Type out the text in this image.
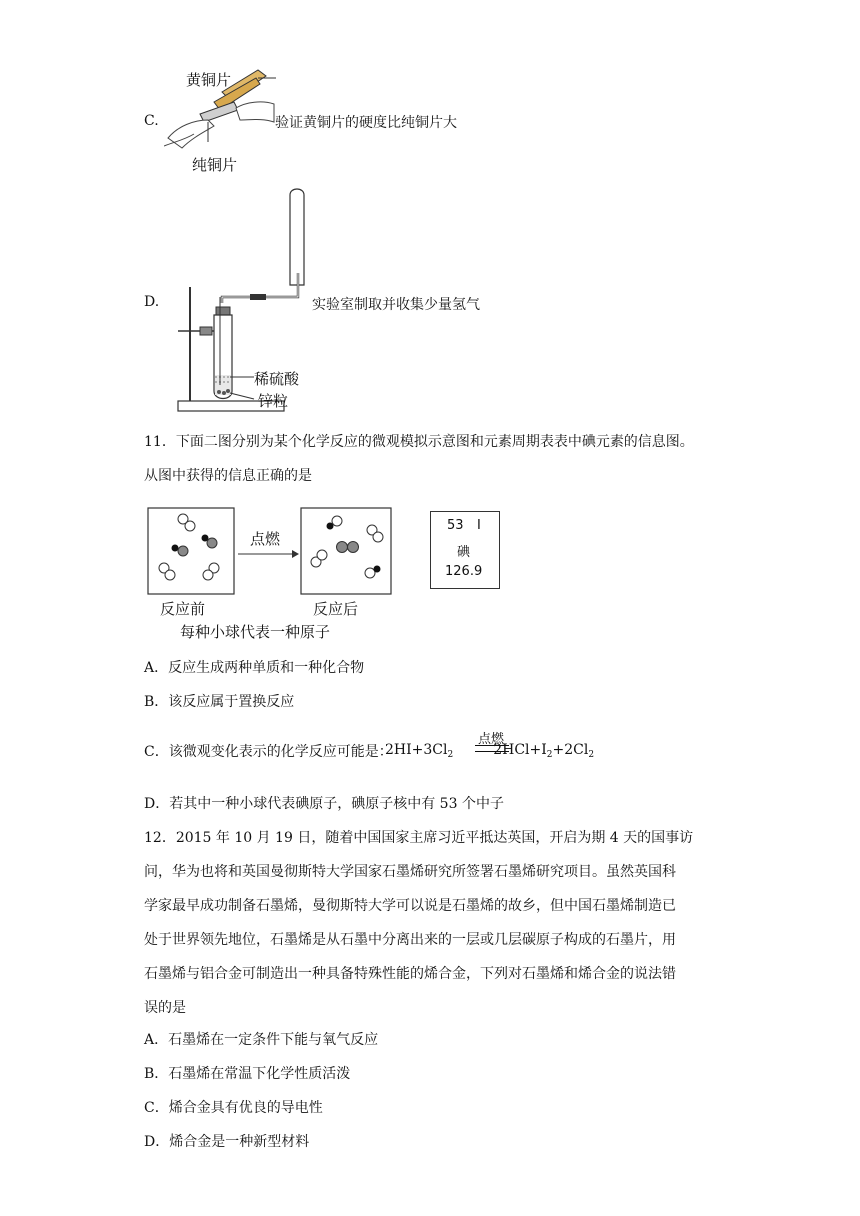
C.
黄铜片
纯铜片
验证黄铜片的硬度比纯铜片大
D.	实验室制取并收集少量氢气
稀硫酸
锌粒
11．下面二图分别为某个化学反应的微观模拟示意图和元素周期表表中碘元素的信息图。
从图中获得的信息正确的是
点燃
反应前	反应后
每种小球代表一种原子
53 I
碘
126.9
A．反应生成两种单质和一种化合物
B．该反应属于置换反应
C．该微观变化表示的化学反应可能是：
$2HI+3Cl_2$	$2HCl+I_2+2Cl_2$
点燃
D．若其中一种小球代表碘原子，碘原子核中有 53 个中子
12．2015 年 10 月 19 日，随着中国国家主席习近平抵达英国，开启为期 4 天的国事访
问，华为也将和英国曼彻斯特大学国家石墨烯研究所签署石墨烯研究项目。虽然英国科
学家最早成功制备石墨烯，曼彻斯特大学可以说是石墨烯的故乡，但中国石墨烯制造已
处于世界领先地位，石墨烯是从石墨中分离出来的一层或几层碳原子构成的石墨片，用
石墨烯与铝合金可制造出一种具备特殊性能的烯合金，下列对石墨烯和烯合金的说法错
误的是
A．石墨烯在一定条件下能与氧气反应
B．石墨烯在常温下化学性质活泼
C．烯合金具有优良的导电性
D．烯合金是一种新型材料
